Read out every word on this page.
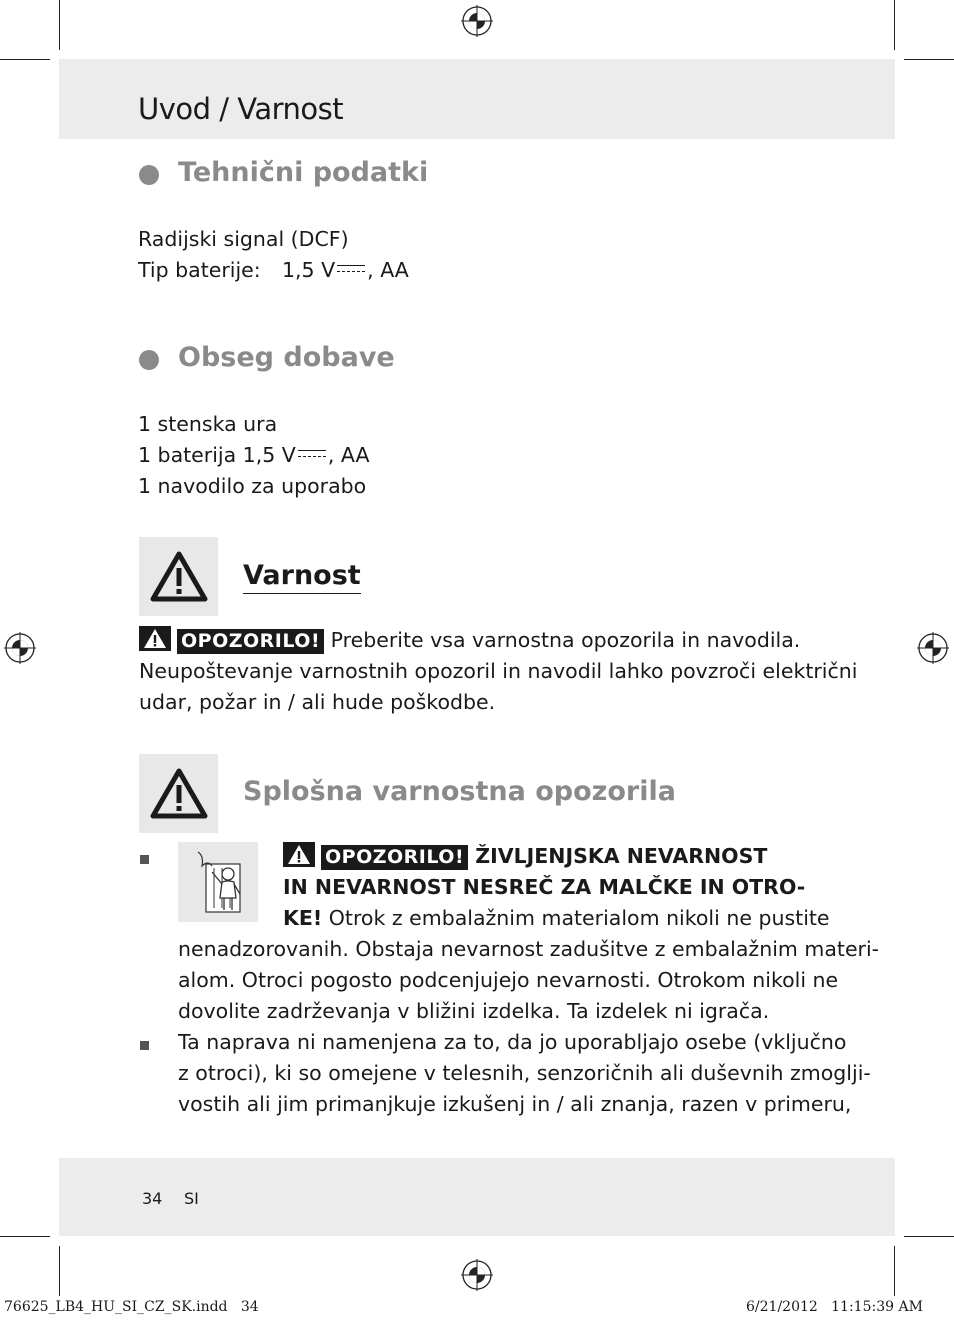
Uvod / Varnost
Tehnični podatki
Radijski signal (DCF)
Tip baterije: 1,5 V , AA
Obseg dobave
1 stenska ura
1 baterija 1,5 V , AA
1 navodilo za uporabo
Varnost
OPOZORILO! Preberite vsa varnostna opozorila in navodila.
Neupoštevanje varnostnih opozoril in navodil lahko povzroči električni
udar, požar in / ali hude poškodbe.
Splošna varnostna opozorila
OPOZORILO! ŽIVLJENJSKA NEVARNOST
IN NEVARNOST NESREČ ZA MALČKE IN OTRO-
KE! Otrok z embalažnim materialom nikoli ne pustite
nenadzorovanih. Obstaja nevarnost zadušitve z embalažnim materi-
alom. Otroci pogosto podcenjujejo nevarnosti. Otrokom nikoli ne
dovolite zadrževanja v bližini izdelka. Ta izdelek ni igrača.
Ta naprava ni namenjena za to, da jo uporabljajo osebe (vključno
z otroci), ki so omejene v telesnih, senzoričnih ali duševnih zmoglji-
vostih ali jim primanjkuje izkušenj in / ali znanja, razen v primeru,
34 SI
76625_LB4_HU_SI_CZ_SK.indd   34	6/21/2012   11:15:39 AM
